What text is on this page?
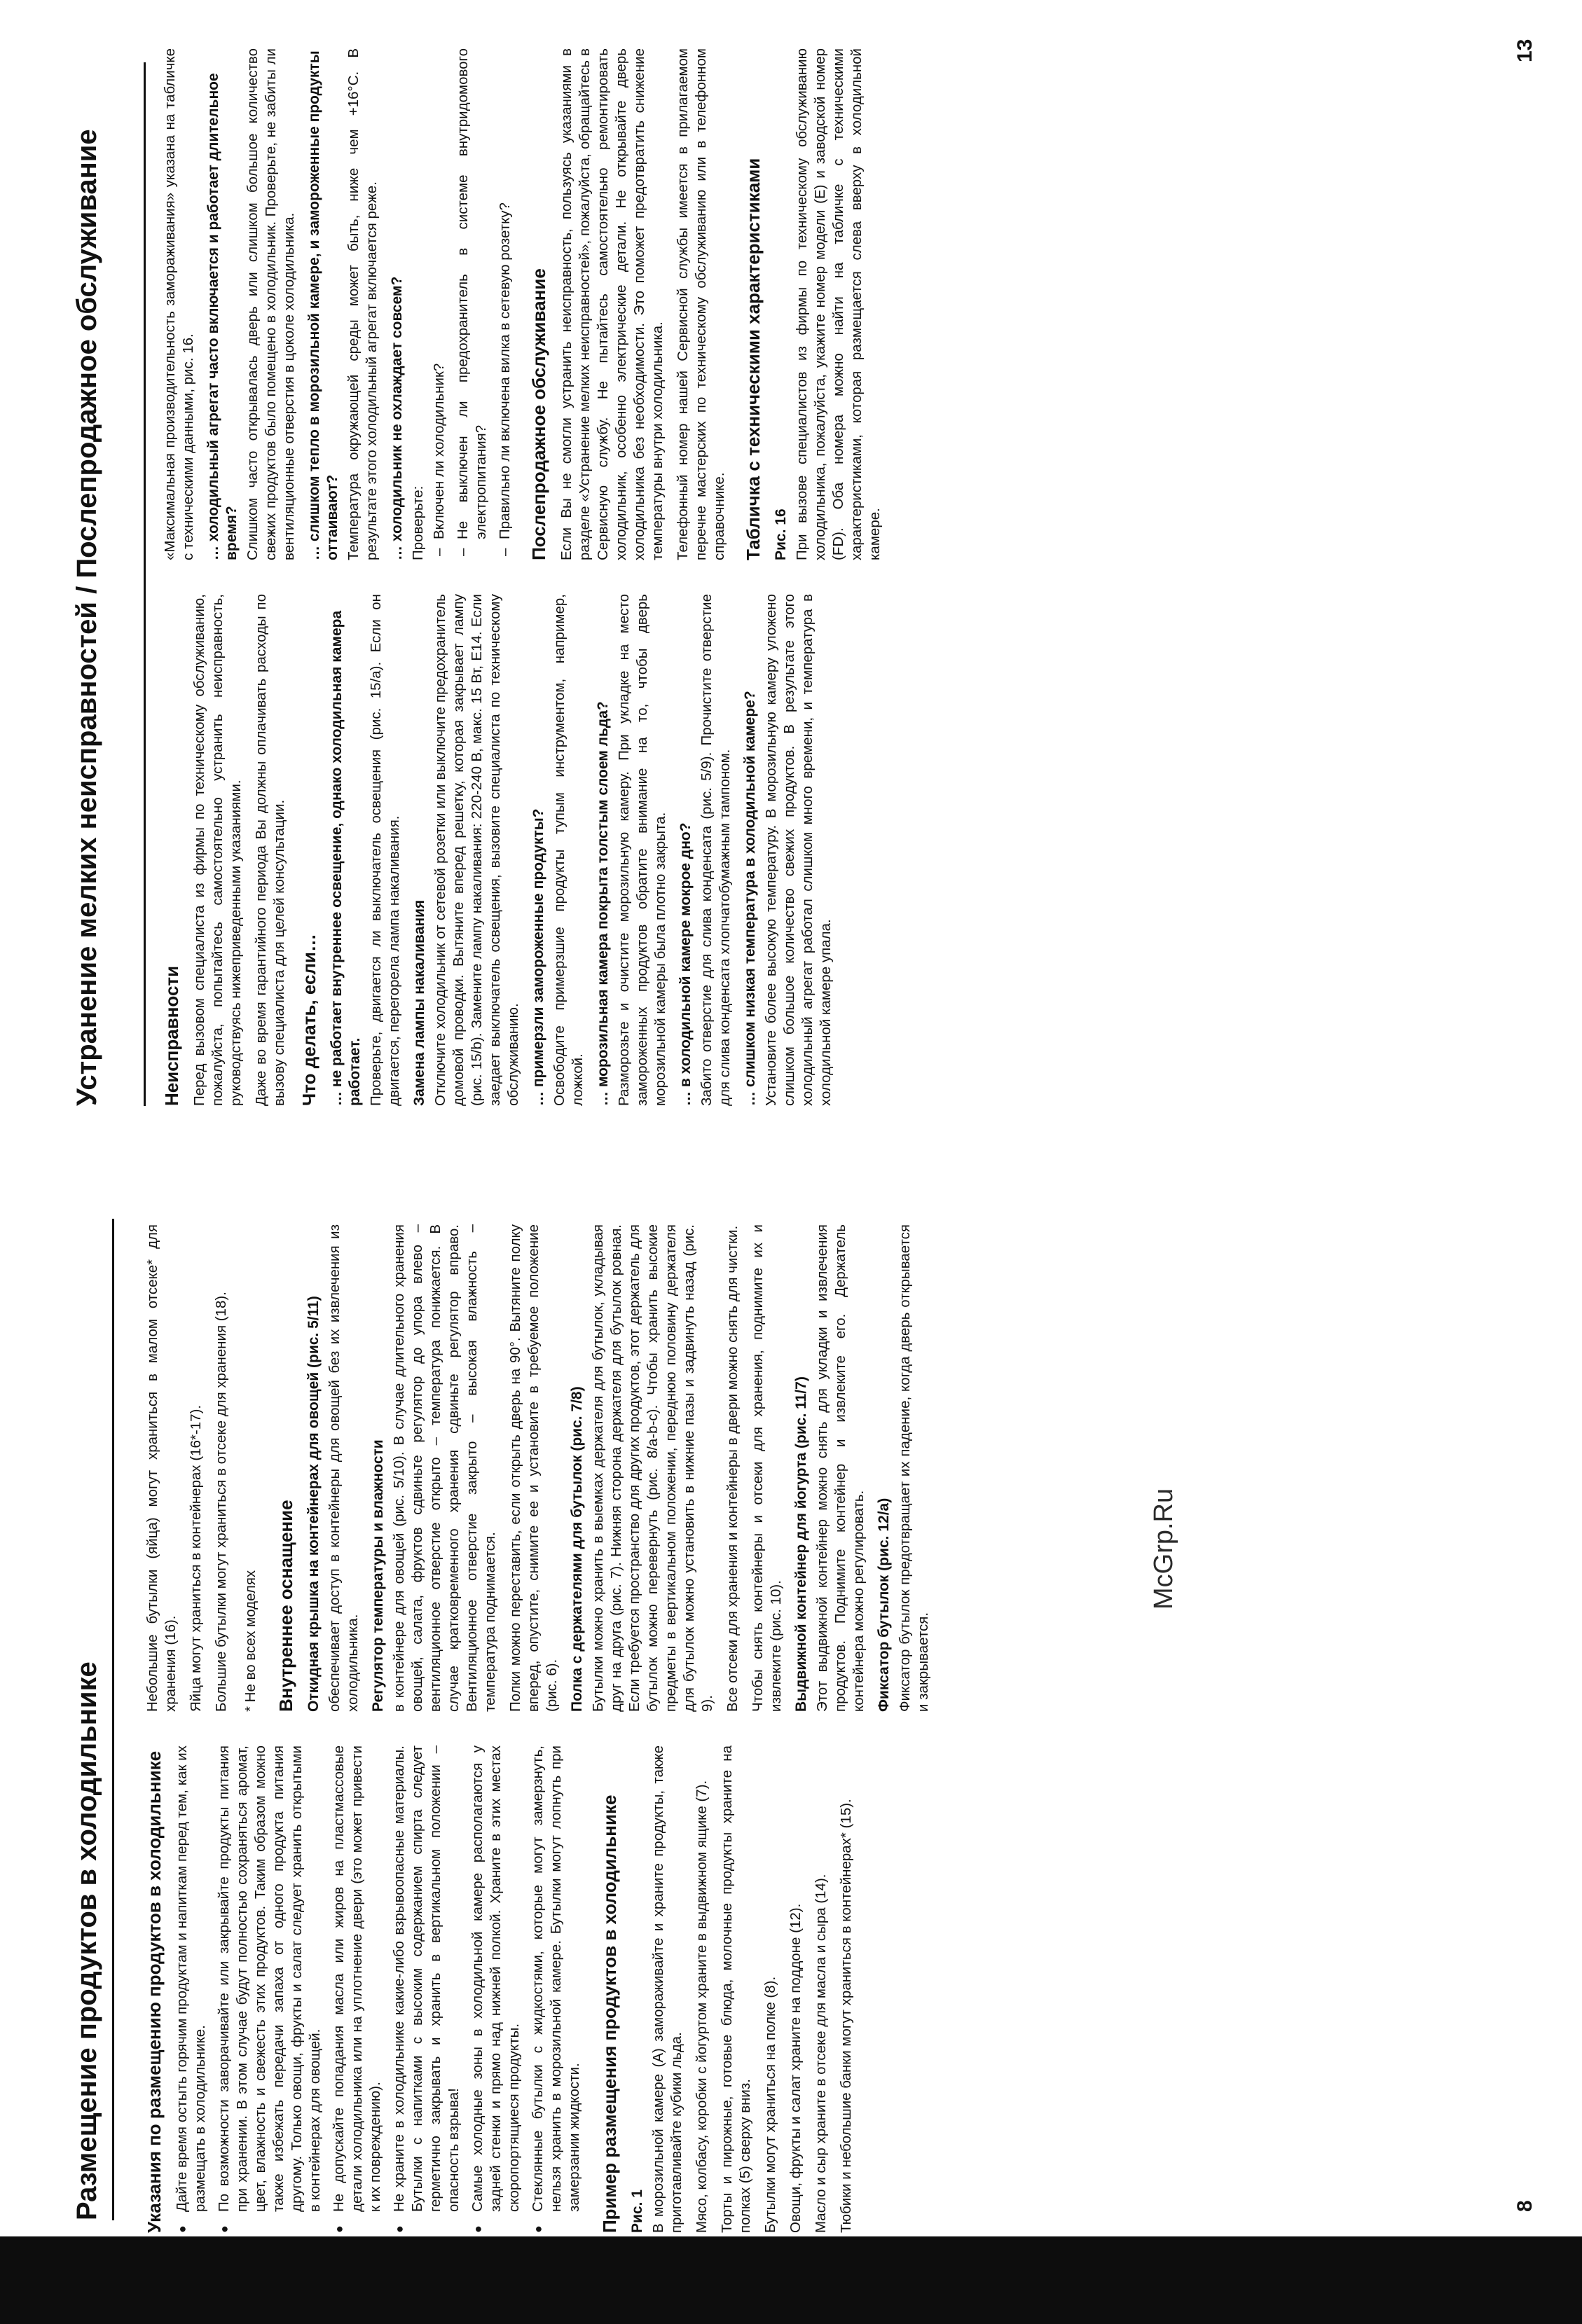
Размещение продуктов в холодильнике Указания по размещению продуктов в холодильнике ● Дайте время остыть горячим продуктам и напиткам перед тем, как их размещать в холодильнике. ● По возможности заворачивайте или закрывайте продукты питания при хранении. В этом случае будут полностью сохраняться аромат, цвет, влажность и свежесть этих продуктов. Таким образом можно также избежать передачи запаха от одного продукта питания другому. Только овощи, фрукты и салат следует хранить открытыми в контейнерах для овощей. ● Не допускайте попадания масла или жиров на пластмассовые детали холодильника или на уплотнение двери (это может привести к их повреждению). ● Не храните в холодильнике какие-либо взрывоопасные материалы. Бутылки с напитками с высоким содержанием спирта следует герметично закрывать и хранить в вертикальном положении – опасность взрыва! ● Самые холодные зоны в холодильной камере располагаются у задней стенки и прямо над нижней полкой. Храните в этих местах скоропортящиеся продукты. ● Стеклянные бутылки с жидкостями, которые могут замерзнуть, нельзя хранить в морозильной камере. Бутылки могут лопнуть при замерзании жидкости. Пример размещения продуктов в холодильнике Рис. 1 В морозильной камере (А) замораживайте и храните продукты, также приготавливайте кубики льда. Мясо, колбасу, коробки с йогуртом храните в выдвижном ящике (7). Торты и пирожные, готовые блюда, молочные продукты храните на полках (5) сверху вниз. Бутылки могут храниться на полке (8). Овощи, фрукты и салат храните на поддоне (12). Масло и сыр храните в отсеке для масла и сыра (14). Тюбики и небольшие банки могут храниться в контейнерах* (15).

Небольшие бутылки (яйца) могут храниться в малом отсеке* для хранения (16). Яйца могут храниться в контейнерах (16*-17). Большие бутылки могут храниться в отсеке для хранения (18). * Не во всех моделях Внутреннее оснащение Откидная крышка на контейнерах для овощей (рис. 5/11) обеспечивает доступ в контейнеры для овощей без их извлечения из холодильника. Регулятор температуры и влажности в контейнере для овощей (рис. 5/10). В случае длительного хранения овощей, салата, фруктов сдвиньте регулятор до упора влево – вентиляционное отверстие открыто – температура понижается. В случае кратковременного хранения сдвиньте регулятор вправо. Вентиляционное отверстие закрыто – высокая влажность – температура поднимается. Полки можно переставить, если открыть дверь на 90°. Вытяните полку вперед, опустите, снимите ее и установите в требуемое положение (рис. 6). Полка с держателями для бутылок (рис. 7/8) Бутылки можно хранить в выемках держателя для бутылок, укладывая друг на друга (рис. 7). Нижняя сторона держателя для бутылок ровная. Если требуется пространство для других продуктов, этот держатель для бутылок можно перевернуть (рис. 8/a-b-c). Чтобы хранить высокие предметы в вертикальном положении, переднюю половину держателя для бутылок можно установить в нижние пазы и задвинуть назад (рис. 9). Все отсеки для хранения и контейнеры в двери можно снять для чистки. Чтобы снять контейнеры и отсеки для хранения, поднимите их и извлеките (рис. 10). Выдвижной контейнер для йогурта (рис. 11/7) Этот выдвижной контейнер можно снять для укладки и извлечения продуктов. Поднимите контейнер и извлеките его. Держатель контейнера можно регулировать. Фиксатор бутылок (рис. 12/a) Фиксатор бутылок предотвращает их падение, когда дверь открывается и закрывается.

8
Устранение мелких неисправностей / Послепродажное обслуживание	Неисправности Перед вызовом специалиста из фирмы по техническому обслуживанию, пожалуйста, попытайтесь самостоятельно устранить неисправность, руководствуясь нижеприведенными указаниями. Даже во время гарантийного периода Вы должны оплачивать расходы по вызову специалиста для целей консультации. Что делать, если… … не работает внутреннее освещение, однако холодильная камера работает. Проверьте, двигается ли выключатель освещения (рис. 15/a). Если он двигается, перегорела лампа накаливания. Замена лампы накаливания Отключите холодильник от сетевой розетки или выключите предохранитель домовой проводки. Вытяните вперед решетку, которая закрывает лампу (рис. 15/b). Замените лампу накаливания: 220-240 В, макс. 15 Вт, E14. Если заедает выключатель освещения, вызовите специалиста по техническому обслуживанию. … примерзли замороженные продукты? Освободите примерзшие продукты тупым инструментом, например, ложкой. … морозильная камера покрыта толстым слоем льда? Разморозьте и очистите морозильную камеру. При укладке на место замороженных продуктов обратите внимание на то, чтобы дверь морозильной камеры была плотно закрыта. … в холодильной камере мокрое дно? Забито отверстие для слива конденсата (рис. 5/9). Прочистите отверстие для слива конденсата хлопчатобумажным тампоном. … слишком низкая температура в холодильной камере? Установите более высокую температуру. В морозильную камеру уложено слишком большое количество свежих продуктов. В результате этого холодильный агрегат работал слишком много времени, и температура в холодильной камере упала.

«Максимальная производительность замораживания» указана на табличке с техническими данными, рис. 16. … холодильный агрегат часто включается и работает длительное время? Слишком часто открывалась дверь или слишком большое количество свежих продуктов было помещено в холодильник. Проверьте, не забиты ли вентиляционные отверстия в цоколе холодильника. … слишком тепло в морозильной камере, и замороженные продукты оттаивают? Температура окружающей среды может быть, ниже чем +16°C. В результате этого холодильный агрегат включается реже. … холодильник не охлаждает совсем? Проверьте: – Включен ли холодильник? – Не выключен ли предохранитель в системе внутридомового электропитания? – Правильно ли включена вилка в сетевую розетку? Послепродажное обслуживание Если Вы не смогли устранить неисправность, пользуясь указаниями в разделе «Устранение мелких неисправностей», пожалуйста, обращайтесь в Сервисную службу. Не пытайтесь самостоятельно ремонтировать холодильник, особенно электрические детали. Не открывайте дверь холодильника без необходимости. Это поможет предотвратить снижение температуры внутри холодильника. Телефонный номер нашей Сервисной службы имеется в прилагаемом перечне мастерских по техническому обслуживанию или в телефонном справочнике. Табличка с техническими характеристиками Рис. 16 При вызове специалистов из фирмы по техническому обслуживанию холодильника, пожалуйста, укажите номер модели (E) и заводской номер (FD). Оба номера можно найти на табличке с техническими характеристиками, которая размещается слева вверху в холодильной камере.

13
McGrp.Ru
